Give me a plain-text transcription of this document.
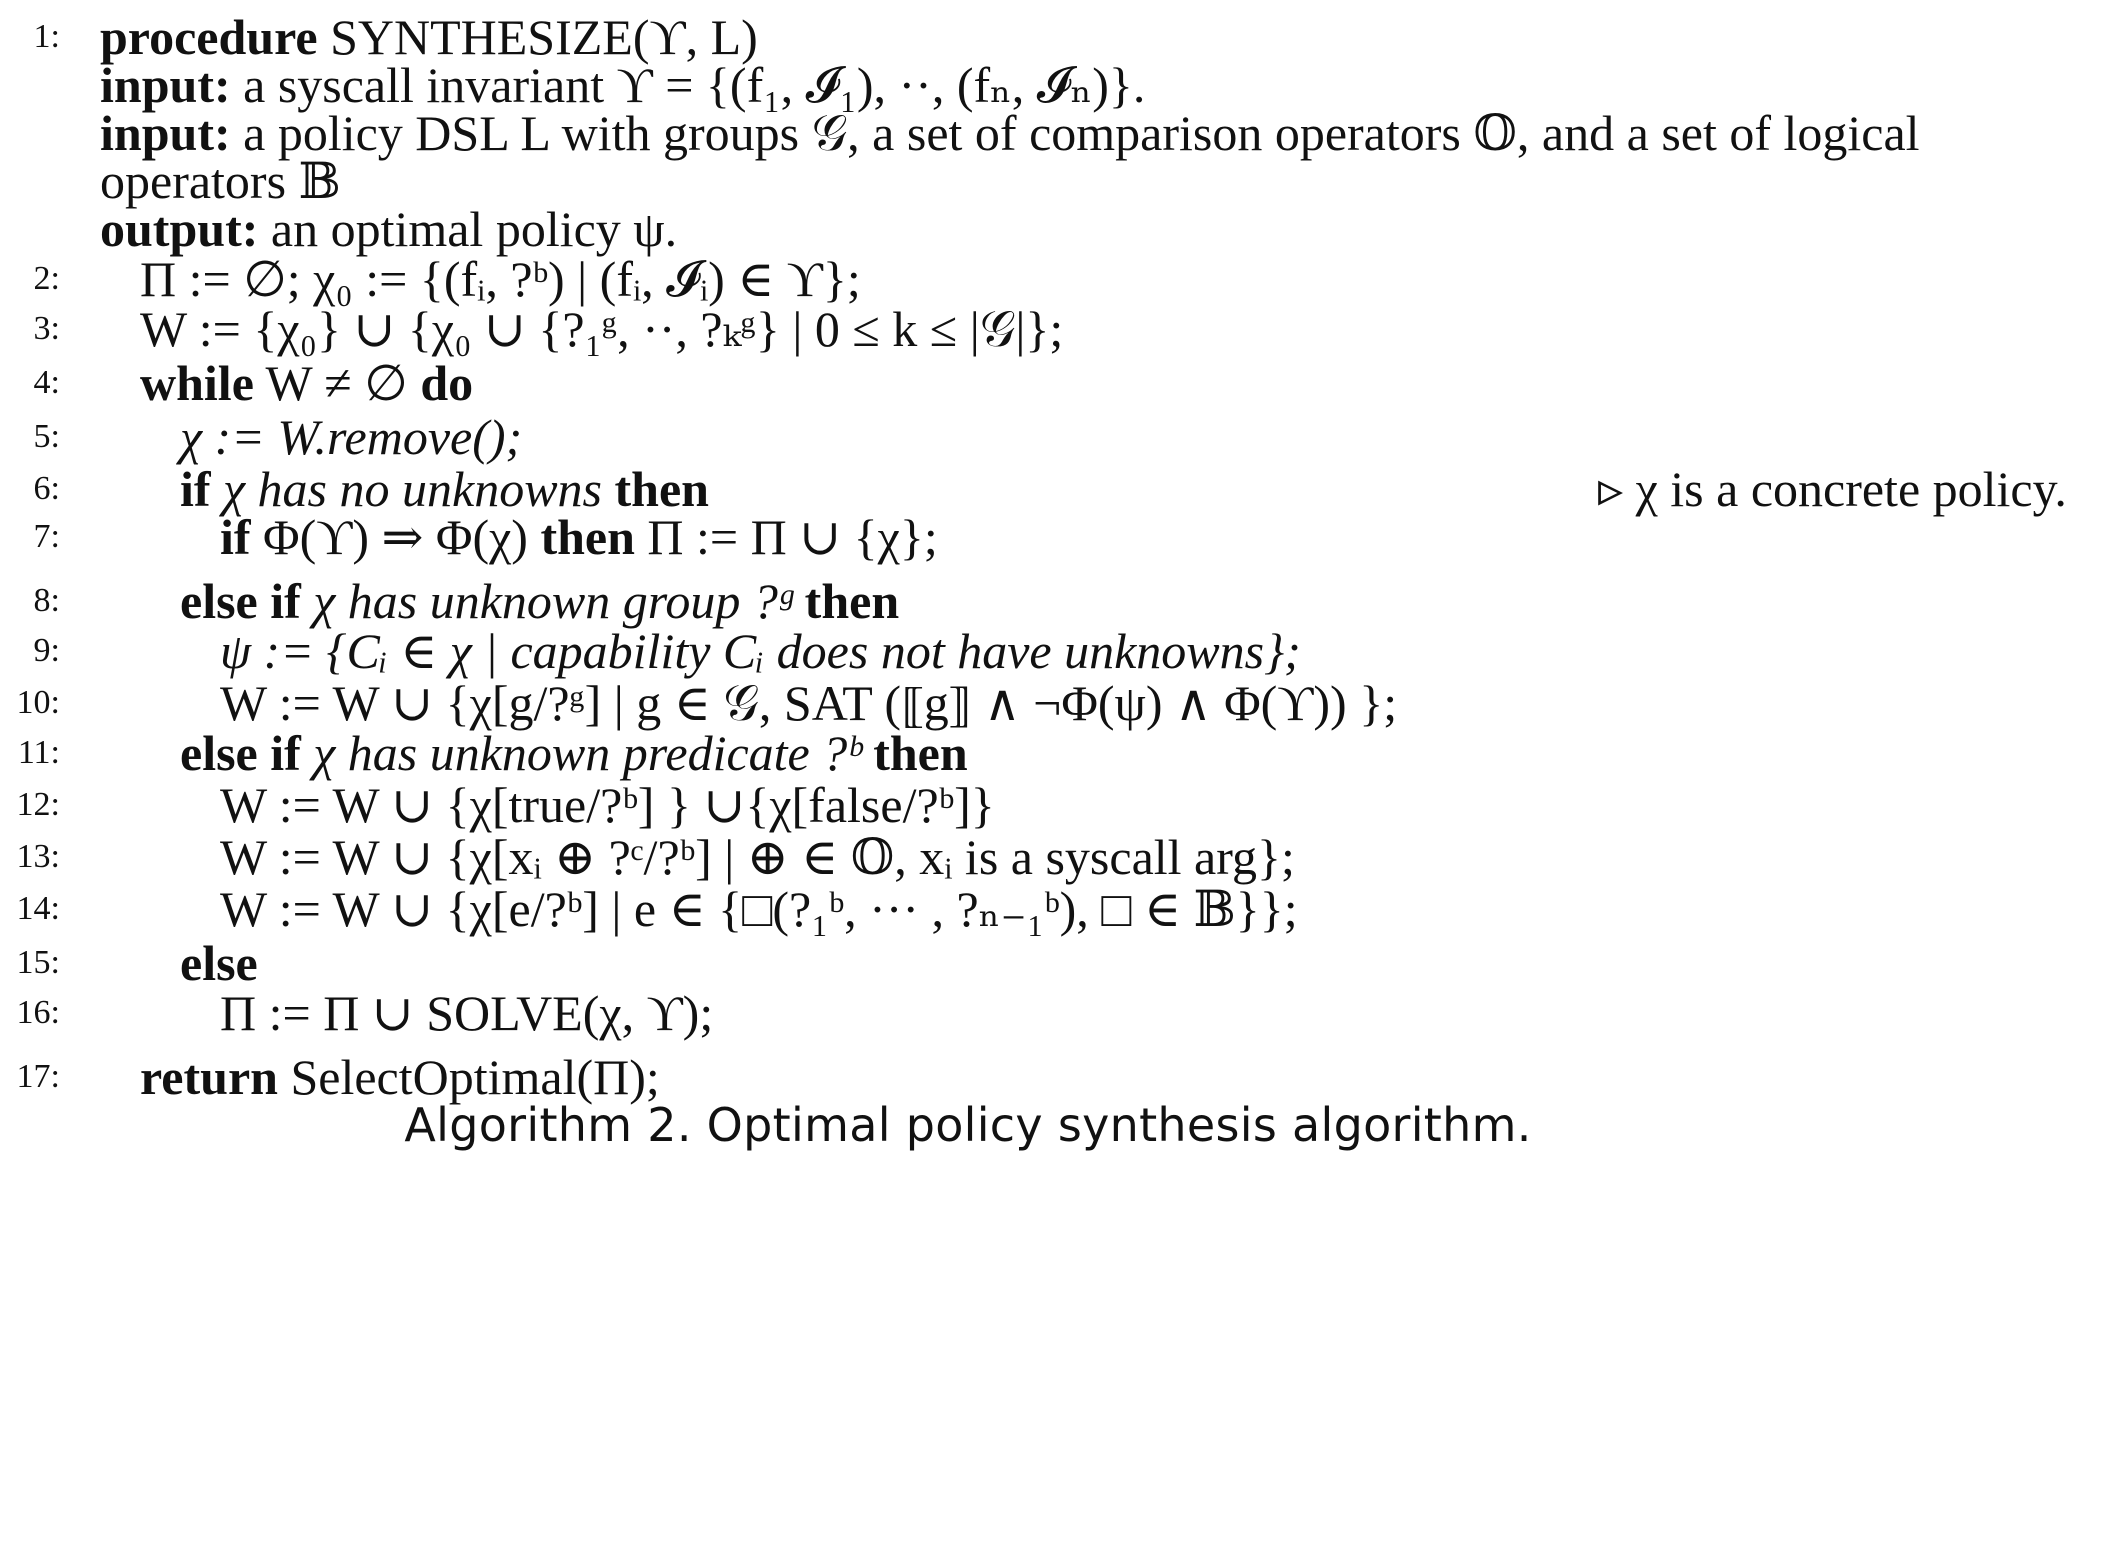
1: procedure SYNTHESIZE(ϒ, L)
input: a syscall invariant ϒ = {(f₁, 𝓘₁), ··, (fₙ, 𝓘ₙ)}.
input: a policy DSL L with groups 𝒢, a set of comparison operators 𝕆, and a set of logical
operators 𝔹
output: an optimal policy ψ.
2: Π := ∅; χ₀ := {(fᵢ, ?ᵇ) | (fᵢ, 𝓘ᵢ) ∈ ϒ};
3: W := {χ₀} ∪ {χ₀ ∪ {?₁ᵍ, ··, ?ₖᵍ} | 0 ≤ k ≤ |𝒢|};
4: while W ≠ ∅ do
5: χ := W.remove();
6: if χ has no unknowns then	▹ χ is a concrete policy.
7:	if Φ(ϒ) ⇒ Φ(χ) then Π := Π ∪ {χ};
8: else if χ has unknown group ?ᵍ then
9:	ψ := {Cᵢ ∈ χ | capability Cᵢ does not have unknowns};
10:	W := W ∪ {χ[g/?ᵍ] | g ∈ 𝒢, SAT (⟦g⟧ ∧ ¬Φ(ψ) ∧ Φ(ϒ)) };
11: else if χ has unknown predicate ?ᵇ then
12:	W := W ∪ {χ[true/?ᵇ] } ∪{χ[false/?ᵇ]}
13:	W := W ∪ {χ[xᵢ ⊕ ?ᶜ/?ᵇ] | ⊕ ∈ 𝕆, xᵢ is a syscall arg};
14:	W := W ∪ {χ[e/?ᵇ] | e ∈ {□(?₁ᵇ, ··· , ?ₙ₋₁ᵇ), □ ∈ 𝔹}};
15: else
16:	Π := Π ∪ SOLVE(χ, ϒ);
17: return SelectOptimal(Π);
Algorithm 2. Optimal policy synthesis algorithm.
